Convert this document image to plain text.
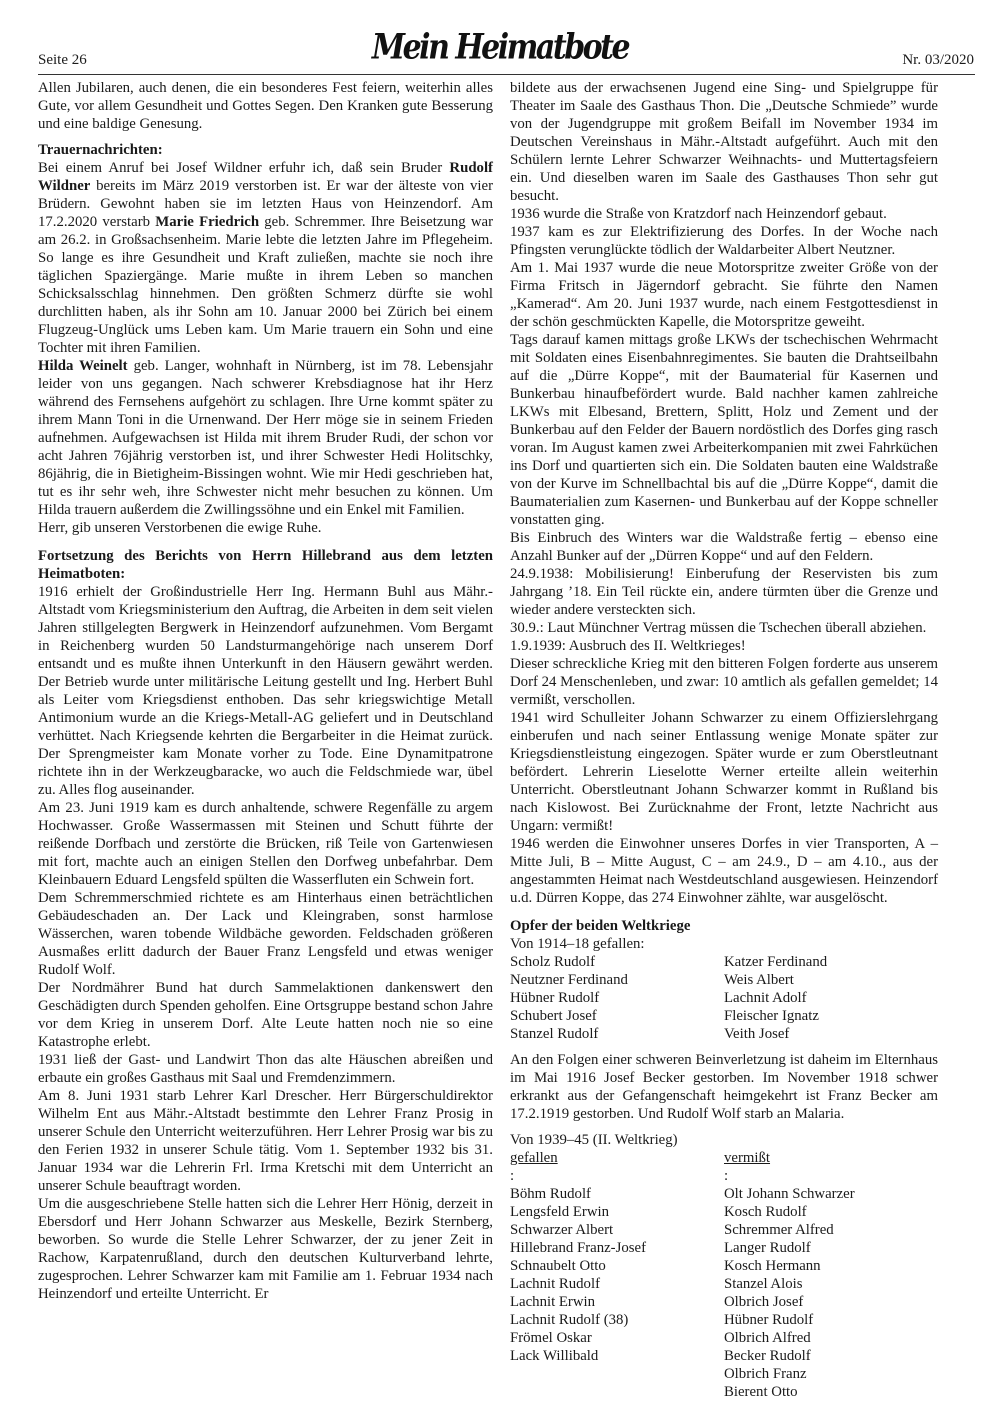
Seite 26	Mein Heimatbote	Nr. 03/2020

Allen Jubilaren, auch denen, die ein besonderes Fest feiern, weiterhin alles Gute, vor allem Gesundheit und Gottes Segen. Den Kranken gute Besserung und eine baldige Genesung.

Trauernachrichten:

Bei einem Anruf bei Josef Wildner erfuhr ich, daß sein Bruder Rudolf Wildner bereits im März 2019 verstorben ist. Er war der älteste von vier Brüdern. Gewohnt haben sie im letzten Haus von Heinzendorf. Am 17.2.2020 verstarb Marie Friedrich geb. Schremmer. Ihre Beisetzung war am 26.2. in Großsachsenheim. Marie lebte die letzten Jahre im Pflegeheim. So lange es ihre Gesundheit und Kraft zuließen, machte sie noch ihre täglichen Spaziergänge. Marie mußte in ihrem Leben so manchen Schicksalsschlag hinnehmen. Den größten Schmerz dürfte sie wohl durchlitten haben, als ihr Sohn am 10. Januar 2000 bei Zürich bei einem Flugzeug-Unglück ums Leben kam. Um Marie trauern ein Sohn und eine Tochter mit ihren Familien.

Hilda Weinelt geb. Langer, wohnhaft in Nürnberg, ist im 78. Lebensjahr leider von uns gegangen. Nach schwerer Krebsdiagnose hat ihr Herz während des Fernsehens aufgehört zu schlagen. Ihre Urne kommt später zu ihrem Mann Toni in die Urnenwand. Der Herr möge sie in seinem Frieden aufnehmen. Aufgewachsen ist Hilda mit ihrem Bruder Rudi, der schon vor acht Jahren 76jährig verstorben ist, und ihrer Schwester Hedi Holitschky, 86jährig, die in Bietigheim-Bissingen wohnt. Wie mir Hedi geschrieben hat, tut es ihr sehr weh, ihre Schwester nicht mehr besuchen zu können. Um Hilda trauern außerdem die Zwillingssöhne und ein Enkel mit Familien.

Herr, gib unseren Verstorbenen die ewige Ruhe.

Fortsetzung des Berichts von Herrn Hillebrand aus dem letzten Heimatboten:

1916 erhielt der Großindustrielle Herr Ing. Hermann Buhl aus Mähr.-Altstadt vom Kriegsministerium den Auftrag, die Arbeiten in dem seit vielen Jahren stillgelegten Bergwerk in Heinzendorf aufzunehmen. Vom Bergamt in Reichenberg wurden 50 Landsturmangehörige nach unserem Dorf entsandt und es mußte ihnen Unterkunft in den Häusern gewährt werden. Der Betrieb wurde unter militärische Leitung gestellt und Ing. Herbert Buhl als Leiter vom Kriegsdienst enthoben. Das sehr kriegswichtige Metall Antimonium wurde an die Kriegs-Metall-AG geliefert und in Deutschland verhüttet. Nach Kriegsende kehrten die Bergarbeiter in die Heimat zurück. Der Sprengmeister kam Monate vorher zu Tode. Eine Dynamitpatrone richtete ihn in der Werkzeugbaracke, wo auch die Feldschmiede war, übel zu. Alles flog auseinander.

Am 23. Juni 1919 kam es durch anhaltende, schwere Regenfälle zu argem Hochwasser. Große Wassermassen mit Steinen und Schutt führte der reißende Dorfbach und zerstörte die Brücken, riß Teile von Gartenwiesen mit fort, machte auch an einigen Stellen den Dorfweg unbefahrbar. Dem Kleinbauern Eduard Lengsfeld spülten die Wasserfluten ein Schwein fort.

Dem Schremmerschmied richtete es am Hinterhaus einen beträchtlichen Gebäudeschaden an. Der Lack und Kleingraben, sonst harmlose Wässerchen, waren tobende Wildbäche geworden. Feldschaden größeren Ausmaßes erlitt dadurch der Bauer Franz Lengsfeld und etwas weniger Rudolf Wolf.

Der Nordmährer Bund hat durch Sammelaktionen dankenswert den Geschädigten durch Spenden geholfen. Eine Ortsgruppe bestand schon Jahre vor dem Krieg in unserem Dorf. Alte Leute hatten noch nie so eine Katastrophe erlebt.

1931 ließ der Gast- und Landwirt Thon das alte Häuschen abreißen und erbaute ein großes Gasthaus mit Saal und Fremdenzimmern.

Am 8. Juni 1931 starb Lehrer Karl Drescher. Herr Bürgerschuldirektor Wilhelm Ent aus Mähr.-Altstadt bestimmte den Lehrer Franz Prosig in unserer Schule den Unterricht weiterzuführen. Herr Lehrer Prosig war bis zu den Ferien 1932 in unserer Schule tätig. Vom 1. September 1932 bis 31. Januar 1934 war die Lehrerin Frl. Irma Kretschi mit dem Unterricht an unserer Schule beauftragt worden.

Um die ausgeschriebene Stelle hatten sich die Lehrer Herr Hönig, derzeit in Ebersdorf und Herr Johann Schwarzer aus Meskelle, Bezirk Sternberg, beworben. So wurde die Stelle Lehrer Schwarzer, der zu jener Zeit in Rachow, Karpatenrußland, durch den deutschen Kulturverband lehrte, zugesprochen. Lehrer Schwarzer kam mit Familie am 1. Februar 1934 nach Heinzendorf und erteilte Unterricht. Er

bildete aus der erwachsenen Jugend eine Sing- und Spielgruppe für Theater im Saale des Gasthaus Thon. Die „Deutsche Schmiede” wurde von der Jugendgruppe mit großem Beifall im November 1934 im Deutschen Vereinshaus in Mähr.-Altstadt aufgeführt. Auch mit den Schülern lernte Lehrer Schwarzer Weihnachts- und Muttertagsfeiern ein. Und dieselben waren im Saale des Gasthauses Thon sehr gut besucht.

1936 wurde die Straße von Kratzdorf nach Heinzendorf gebaut.

1937 kam es zur Elektrifizierung des Dorfes. In der Woche nach Pfingsten verunglückte tödlich der Waldarbeiter Albert Neutzner.

Am 1. Mai 1937 wurde die neue Motorspritze zweiter Größe von der Firma Fritsch in Jägerndorf gebracht. Sie führte den Namen „Kamerad“. Am 20. Juni 1937 wurde, nach einem Festgottesdienst in der schön geschmückten Kapelle, die Motorspritze geweiht.

Tags darauf kamen mittags große LKWs der tschechischen Wehrmacht mit Soldaten eines Eisenbahnregimentes. Sie bauten die Drahtseilbahn auf die „Dürre Koppe“, mit der Baumaterial für Kasernen und Bunkerbau hinaufbefördert wurde. Bald nachher kamen zahlreiche LKWs mit Elbesand, Brettern, Splitt, Holz und Zement und der Bunkerbau auf den Felder der Bauern nordöstlich des Dorfes ging rasch voran. Im August kamen zwei Arbeiterkompanien mit zwei Fahrküchen ins Dorf und quartierten sich ein. Die Soldaten bauten eine Waldstraße von der Kurve im Schnellbachtal bis auf die „Dürre Koppe“, damit die Baumaterialien zum Kasernen- und Bunkerbau auf der Koppe schneller vonstatten ging.

Bis Einbruch des Winters war die Waldstraße fertig – ebenso eine Anzahl Bunker auf der „Dürren Koppe“ und auf den Feldern.

24.9.1938: Mobilisierung! Einberufung der Reservisten bis zum Jahrgang ’18. Ein Teil rückte ein, andere türmten über die Grenze und wieder andere versteckten sich.

30.9.: Laut Münchner Vertrag müssen die Tschechen überall abziehen.

1.9.1939: Ausbruch des II. Weltkrieges!

Dieser schreckliche Krieg mit den bitteren Folgen forderte aus unserem Dorf 24 Menschenleben, und zwar: 10 amtlich als gefallen gemeldet; 14 vermißt, verschollen.

1941 wird Schulleiter Johann Schwarzer zu einem Offizierslehrgang einberufen und nach seiner Entlassung wenige Monate später zur Kriegsdienstleistung eingezogen. Später wurde er zum Oberstleutnant befördert. Lehrerin Lieselotte Werner erteilte allein weiterhin Unterricht. Oberstleutnant Johann Schwarzer kommt in Rußland bis nach Kislowost. Bei Zurücknahme der Front, letzte Nachricht aus Ungarn: vermißt!

1946 werden die Einwohner unseres Dorfes in vier Transporten, A – Mitte Juli, B – Mitte August, C – am 24.9., D – am 4.10., aus der angestammten Heimat nach Westdeutschland ausgewiesen. Heinzendorf u.d. Dürren Koppe, das 274 Einwohner zählte, war ausgelöscht.

Opfer der beiden Weltkriege

Von 1914–18 gefallen:

Scholz Rudolf
Neutzner Ferdinand
Hübner Rudolf
Schubert Josef
Stanzel Rudolf
Katzer Ferdinand
Weis Albert
Lachnit Adolf
Fleischer Ignatz
Veith Josef

An den Folgen einer schweren Beinverletzung ist daheim im Elternhaus im Mai 1916 Josef Becker gestorben. Im November 1918 schwer erkrankt aus der Gefangenschaft heimgekehrt ist Franz Becker am 17.2.1919 gestorben. Und Rudolf Wolf starb an Malaria.

Von 1939–45 (II. Weltkrieg)

gefallen
:
Böhm Rudolf
Lengsfeld Erwin
Schwarzer Albert
Hillebrand Franz-Josef
Schnaubelt Otto
Lachnit Rudolf
Lachnit Erwin
Lachnit Rudolf (38)
Frömel Oskar
Lack Willibald
vermißt
:
Olt Johann Schwarzer
Kosch Rudolf
Schremmer Alfred
Langer Rudolf
Kosch Hermann
Stanzel Alois
Olbrich Josef
Hübner Rudolf
Olbrich Alfred
Becker Rudolf
Olbrich Franz
Bierent Otto
